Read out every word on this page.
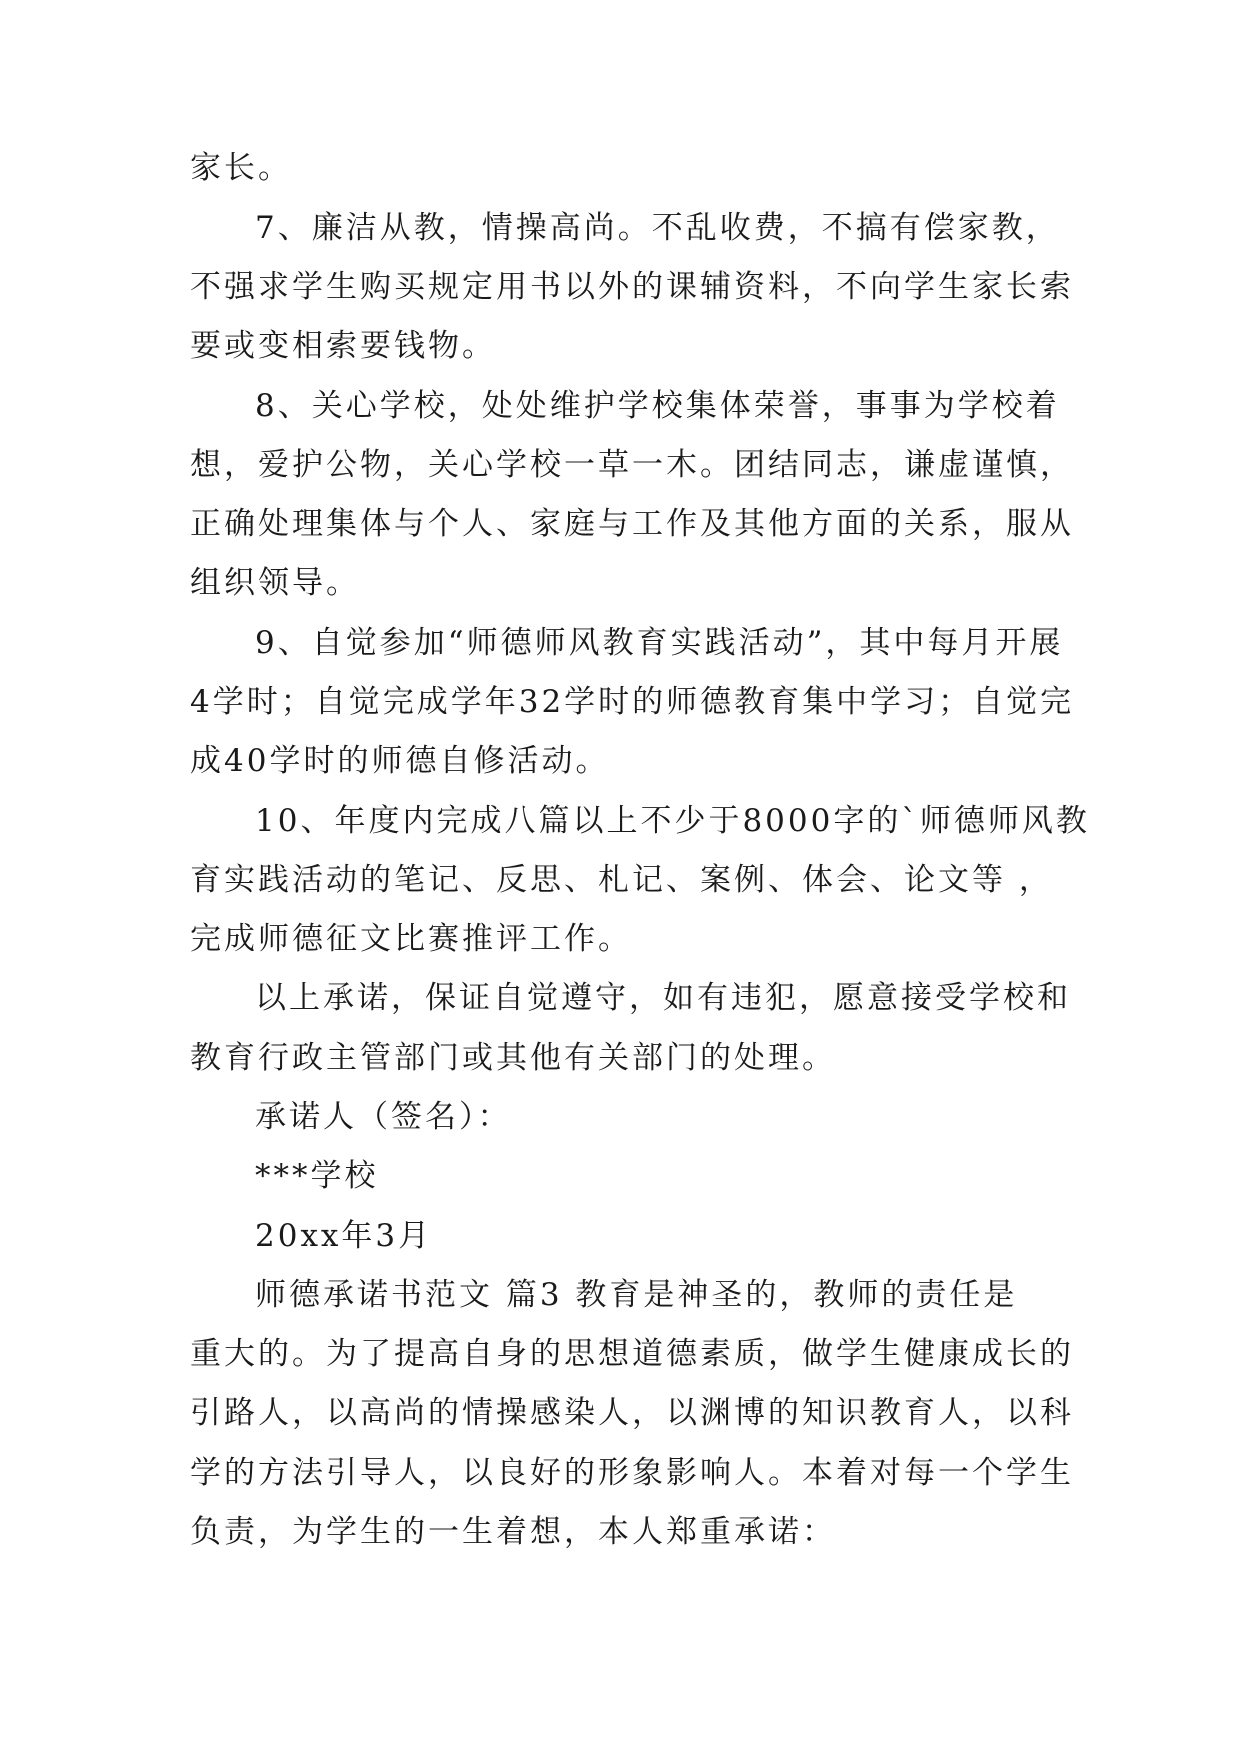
家长。
7、廉洁从教，情操高尚。不乱收费，不搞有偿家教，
不强求学生购买规定用书以外的课辅资料，不向学生家长索
要或变相索要钱物。
8、关心学校，处处维护学校集体荣誉，事事为学校着
想，爱护公物，关心学校一草一木。团结同志，谦虚谨慎，
正确处理集体与个人、家庭与工作及其他方面的关系，服从
组织领导。
9、自觉参加“师德师风教育实践活动”，其中每月开展
4学时；自觉完成学年32学时的师德教育集中学习；自觉完
成40学时的师德自修活动。
10、年度内完成八篇以上不少于8000字的`师德师风教
育实践活动的笔记、反思、札记、案例、体会、论文等 ，
完成师德征文比赛推评工作。
以上承诺，保证自觉遵守，如有违犯，愿意接受学校和
教育行政主管部门或其他有关部门的处理。
承诺人（签名）：
***学校
20xx年3月
师德承诺书范文 篇3 教育是神圣的，教师的责任是
重大的。为了提高自身的思想道德素质，做学生健康成长的
引路人，以高尚的情操感染人，以渊博的知识教育人，以科
学的方法引导人，以良好的形象影响人。本着对每一个学生
负责，为学生的一生着想，本人郑重承诺：
